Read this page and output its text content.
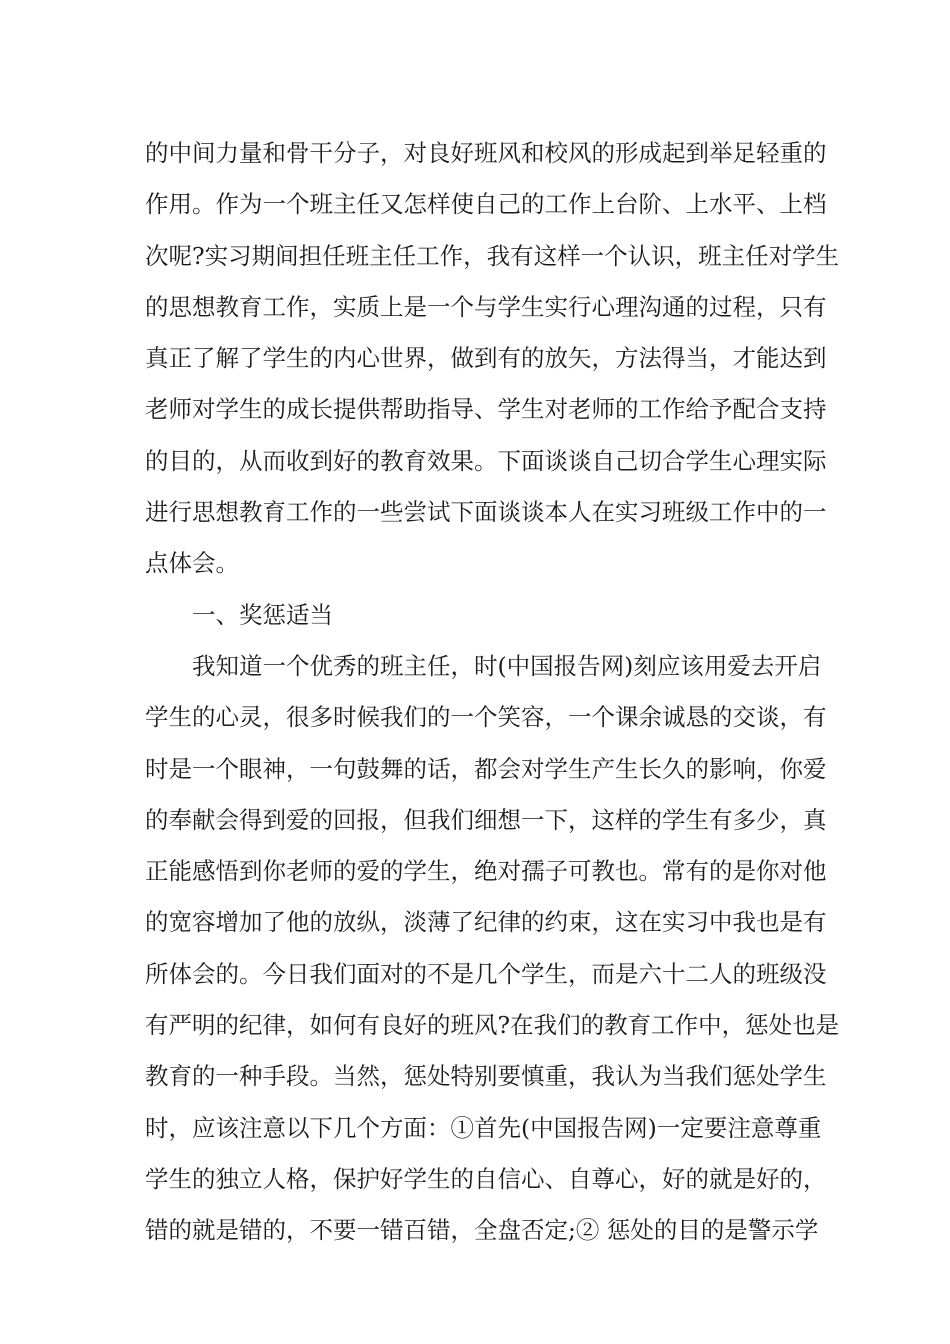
的中间力量和骨干分子，对良好班风和校风的形成起到举足轻重的
作用。作为一个班主任又怎样使自己的工作上台阶、上水平、上档
次呢?实习期间担任班主任工作，我有这样一个认识，班主任对学生
的思想教育工作，实质上是一个与学生实行心理沟通的过程，只有
真正了解了学生的内心世界，做到有的放矢，方法得当，才能达到
老师对学生的成长提供帮助指导、学生对老师的工作给予配合支持
的目的，从而收到好的教育效果。下面谈谈自己切合学生心理实际
进行思想教育工作的一些尝试下面谈谈本人在实习班级工作中的一
点体会。
一、奖惩适当
我知道一个优秀的班主任，时(中国报告网)刻应该用爱去开启
学生的心灵，很多时候我们的一个笑容，一个课余诚恳的交谈，有
时是一个眼神，一句鼓舞的话，都会对学生产生长久的影响，你爱
的奉献会得到爱的回报，但我们细想一下，这样的学生有多少，真
正能感悟到你老师的爱的学生，绝对孺子可教也。常有的是你对他
的宽容增加了他的放纵，淡薄了纪律的约束，这在实习中我也是有
所体会的。今日我们面对的不是几个学生，而是六十二人的班级没
有严明的纪律，如何有良好的班风?在我们的教育工作中，惩处也是
教育的一种手段。当然，惩处特别要慎重，我认为当我们惩处学生
时，应该注意以下几个方面：①首先(中国报告网)一定要注意尊重
学生的独立人格，保护好学生的自信心、自尊心，好的就是好的，
错的就是错的，不要一错百错，全盘否定;② 惩处的目的是警示学
